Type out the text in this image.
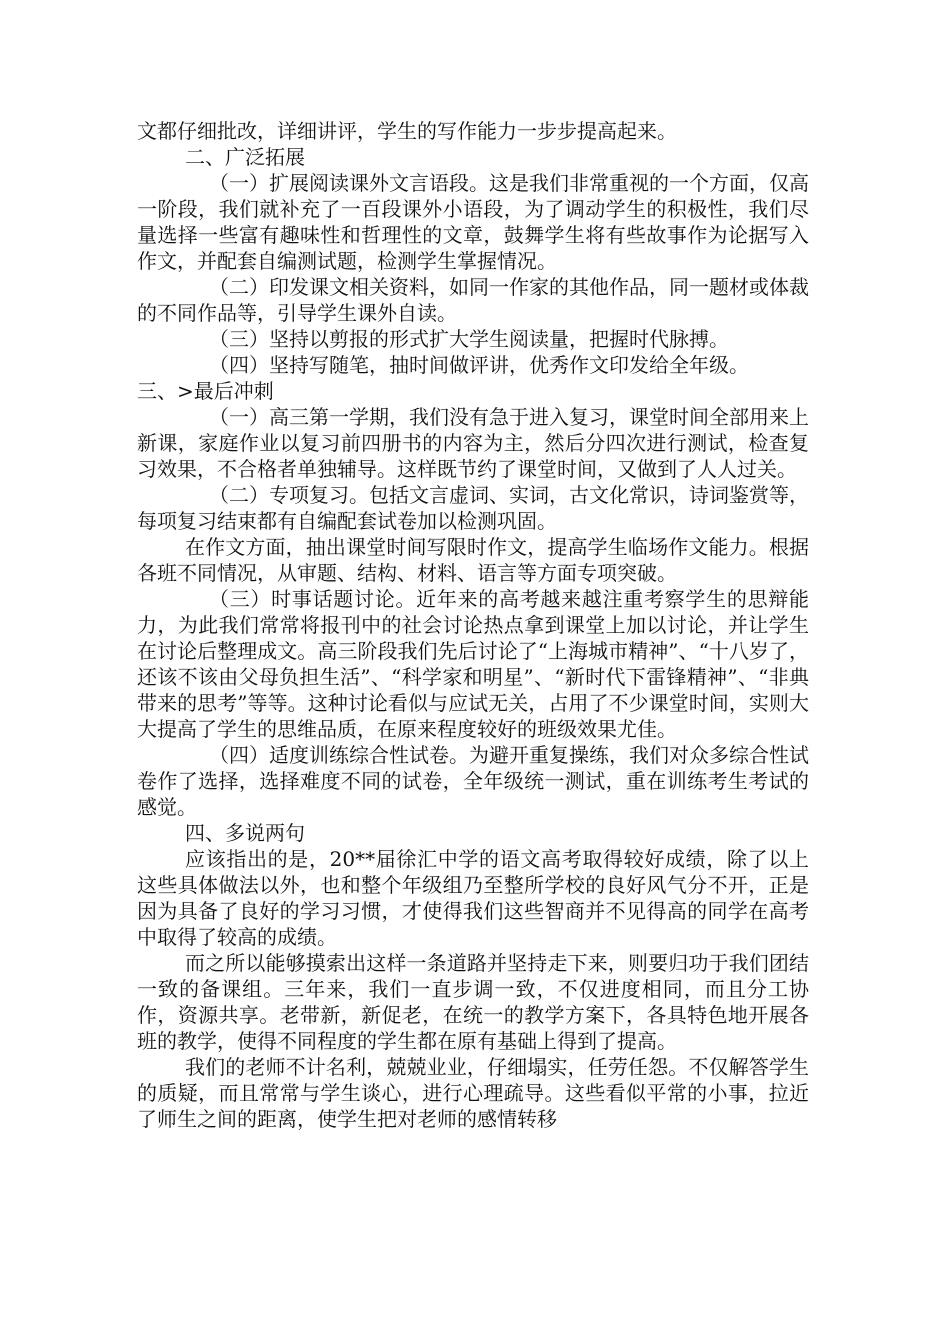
文都仔细批改，详细讲评，学生的写作能力一步步提高起来。

二、广泛拓展

（一）扩展阅读课外文言语段。这是我们非常重视的一个方面，仅高一阶段，我们就补充了一百段课外小语段，为了调动学生的积极性，我们尽量选择一些富有趣味性和哲理性的文章，鼓舞学生将有些故事作为论据写入作文，并配套自编测试题，检测学生掌握情况。

（二）印发课文相关资料，如同一作家的其他作品，同一题材或体裁的不同作品等，引导学生课外自读。

（三）坚持以剪报的形式扩大学生阅读量，把握时代脉搏。

（四）坚持写随笔，抽时间做评讲，优秀作文印发给全年级。

三、>最后冲刺

（一）高三第一学期，我们没有急于进入复习，课堂时间全部用来上新课，家庭作业以复习前四册书的内容为主，然后分四次进行测试，检查复习效果，不合格者单独辅导。这样既节约了课堂时间，又做到了人人过关。

（二）专项复习。包括文言虚词、实词，古文化常识，诗词鉴赏等，每项复习结束都有自编配套试卷加以检测巩固。

在作文方面，抽出课堂时间写限时作文，提高学生临场作文能力。根据各班不同情况，从审题、结构、材料、语言等方面专项突破。

（三）时事话题讨论。近年来的高考越来越注重考察学生的思辩能力，为此我们常常将报刊中的社会讨论热点拿到课堂上加以讨论，并让学生在讨论后整理成文。高三阶段我们先后讨论了“上海城市精神”、“十八岁了，还该不该由父母负担生活”、“科学家和明星”、“新时代下雷锋精神”、“非典带来的思考”等等。这种讨论看似与应试无关，占用了不少课堂时间，实则大大提高了学生的思维品质，在原来程度较好的班级效果尤佳。

（四）适度训练综合性试卷。为避开重复操练，我们对众多综合性试卷作了选择，选择难度不同的试卷，全年级统一测试，重在训练考生考试的感觉。

四、多说两句

应该指出的是，20**届徐汇中学的语文高考取得较好成绩，除了以上这些具体做法以外，也和整个年级组乃至整所学校的良好风气分不开，正是因为具备了良好的学习习惯，才使得我们这些智商并不见得高的同学在高考中取得了较高的成绩。

而之所以能够摸索出这样一条道路并坚持走下来，则要归功于我们团结一致的备课组。三年来，我们一直步调一致，不仅进度相同，而且分工协作，资源共享。老带新，新促老，在统一的教学方案下，各具特色地开展各班的教学，使得不同程度的学生都在原有基础上得到了提高。

我们的老师不计名利，兢兢业业，仔细塌实，任劳任怨。不仅解答学生的质疑，而且常常与学生谈心，进行心理疏导。这些看似平常的小事，拉近了师生之间的距离，使学生把对老师的感情转移
